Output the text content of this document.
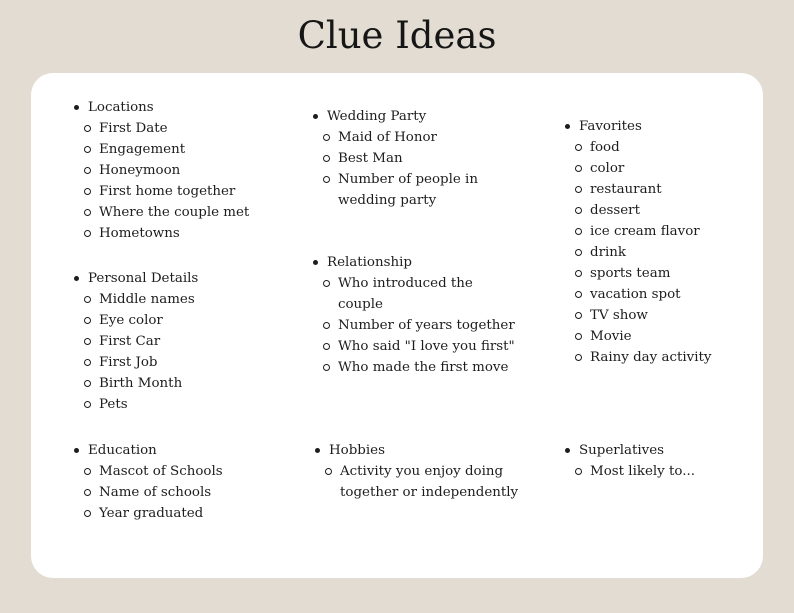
Clue Ideas
Locations
First Date
Engagement
Honeymoon
First home together
Where the couple met
Hometowns
Wedding Party
Maid of Honor
Best Man
Number of people in wedding party
Favorites
food
color
restaurant
dessert
ice cream flavor
drink
sports team
vacation spot
TV show
Movie
Rainy day activity
Personal Details
Middle names
Eye color
First Car
First Job
Birth Month
Pets
Relationship
Who introduced the couple
Number of years together
Who said "I love you first"
Who made the first move
Education
Mascot of Schools
Name of schools
Year graduated
Hobbies
Activity you enjoy doing together or independently
Superlatives
Most likely to...
